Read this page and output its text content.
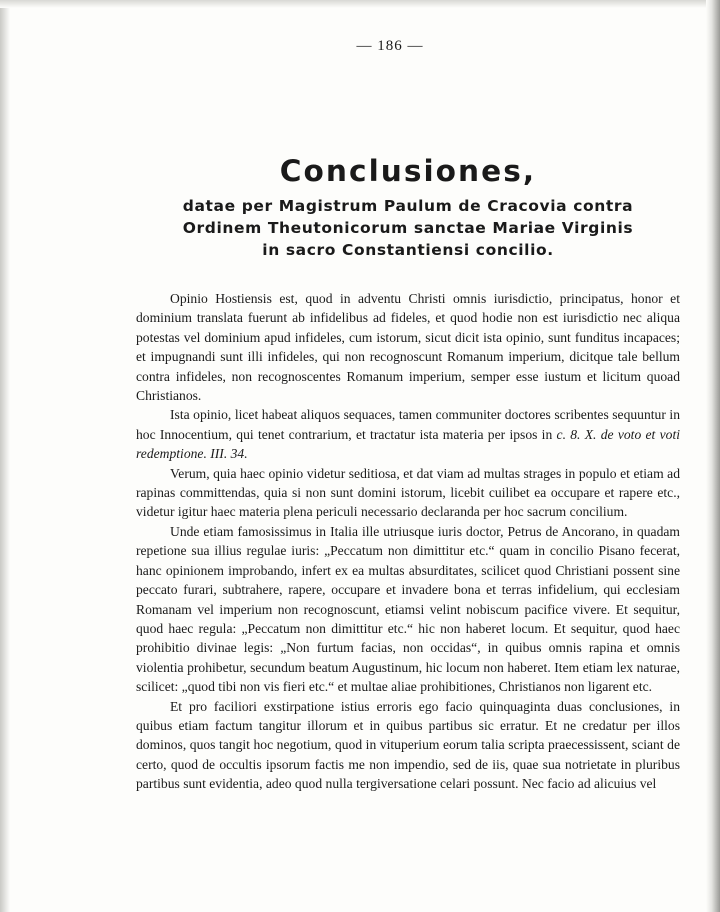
— 186 —
Conclusiones,
datae per Magistrum Paulum de Cracovia contra
Ordinem Theutonicorum sanctae Mariae Virginis
in sacro Constantiensi concilio.

Opinio Hostiensis est, quod in adventu Christi omnis iurisdictio, principatus, honor et dominium translata fuerunt ab infidelibus ad fideles, et quod hodie non est iurisdictio nec aliqua potestas vel dominium apud infideles, cum istorum, sicut dicit ista opinio, sunt funditus incapaces; et impugnandi sunt illi infideles, qui non recognoscunt Romanum imperium, dicitque tale bellum contra infideles, non recognoscentes Romanum imperium, semper esse iustum et licitum quoad Christianos.

Ista opinio, licet habeat aliquos sequaces, tamen communiter doctores scribentes sequuntur in hoc Innocentium, qui tenet contrarium, et tractatur ista materia per ipsos in c. 8. X. de voto et voti redemptione. III. 34.

Verum, quia haec opinio videtur seditiosa, et dat viam ad multas strages in populo et etiam ad rapinas committendas, quia si non sunt domini istorum, licebit cuilibet ea occupare et rapere etc., videtur igitur haec materia plena periculi necessario declaranda per hoc sacrum concilium.

Unde etiam famosissimus in Italia ille utriusque iuris doctor, Petrus de Ancorano, in quadam repetione sua illius regulae iuris: „Peccatum non dimittitur etc.“ quam in concilio Pisano fecerat, hanc opinionem improbando, infert ex ea multas absurditates, scilicet quod Christiani possent sine peccato furari, subtrahere, rapere, occupare et invadere bona et terras infidelium, qui ecclesiam Romanam vel imperium non recognoscunt, etiamsi velint nobiscum pacifice vivere. Et sequitur, quod haec regula: „Peccatum non dimittitur etc.“ hic non haberet locum. Et sequitur, quod haec prohibitio divinae legis: „Non furtum facias, non occidas“, in quibus omnis rapina et omnis violentia prohibetur, secundum beatum Augustinum, hic locum non haberet. Item etiam lex naturae, scilicet: „quod tibi non vis fieri etc.“ et multae aliae prohibitiones, Christianos non ligarent etc.

Et pro faciliori exstirpatione istius erroris ego facio quinquaginta duas conclusiones, in quibus etiam factum tangitur illorum et in quibus partibus sic erratur. Et ne credatur per illos dominos, quos tangit hoc negotium, quod in vituperium eorum talia scripta praecessissent, sciant de certo, quod de occultis ipsorum factis me non impendio, sed de iis, quae sua notrietate in pluribus partibus sunt evidentia, adeo quod nulla tergiversatione celari possunt. Nec facio ad alicuius vel
